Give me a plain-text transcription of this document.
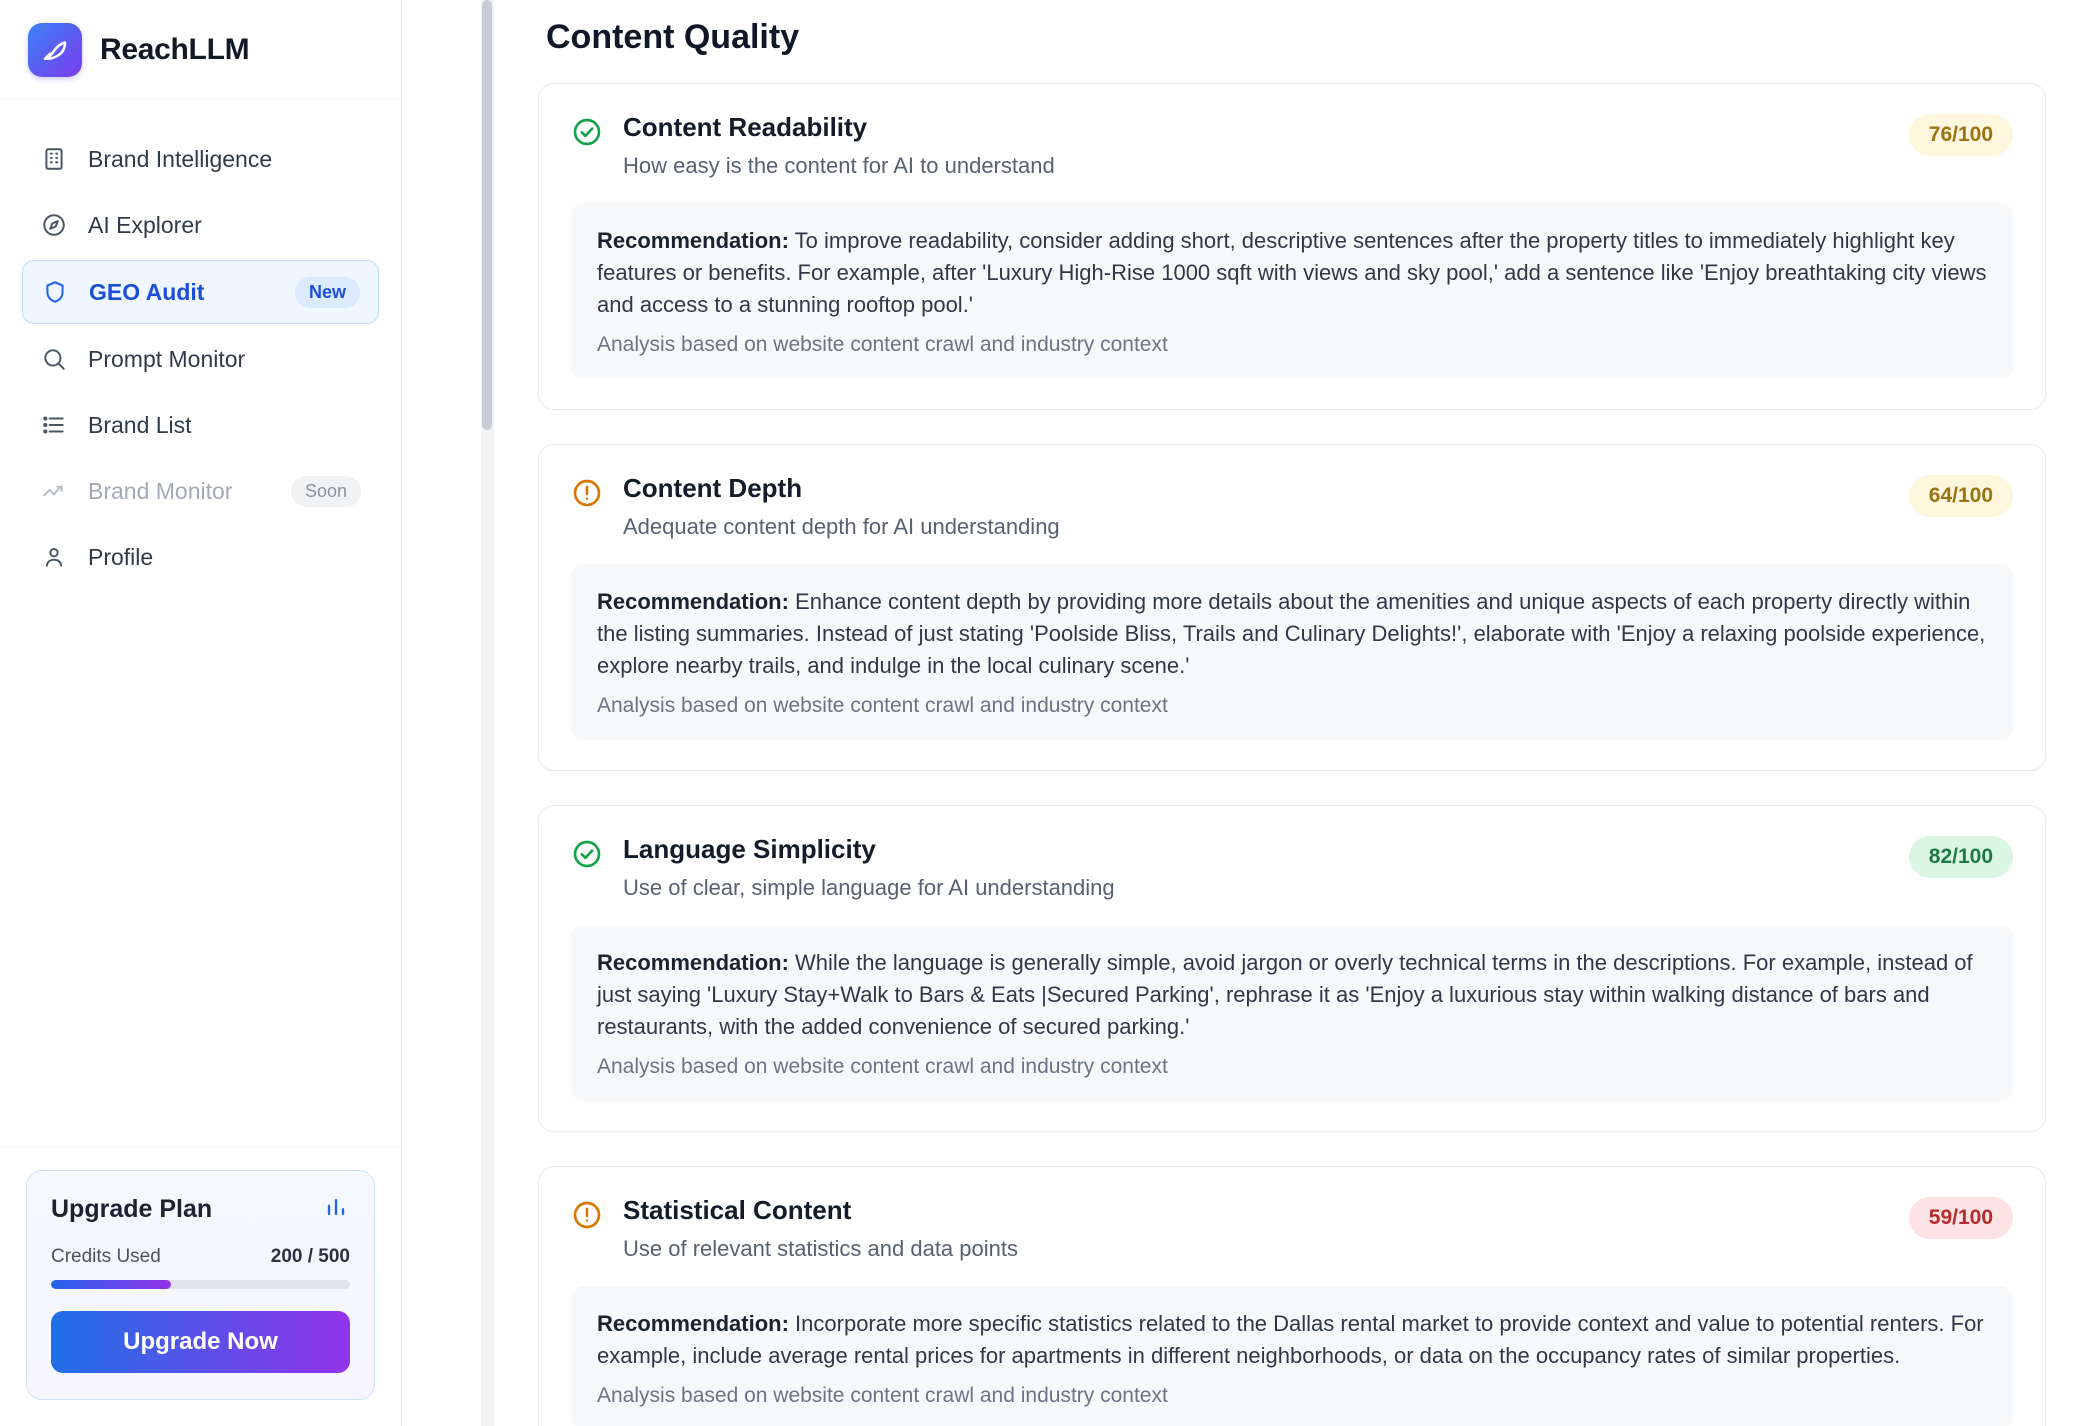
ReachLLM
Brand Intelligence
AI Explorer
GEO Audit	New
Prompt Monitor
Brand List
Brand Monitor	Soon
Profile
Upgrade Plan
Credits Used	200 / 500
Upgrade Now
Content Quality
Content Readability
How easy is the content for AI to understand
76/100
Recommendation: To improve readability, consider adding short, descriptive sentences after the property titles to immediately highlight key features or benefits. For example, after 'Luxury High-Rise 1000 sqft with views and sky pool,' add a sentence like 'Enjoy breathtaking city views and access to a stunning rooftop pool.'
Analysis based on website content crawl and industry context
Content Depth
Adequate content depth for AI understanding
64/100
Recommendation: Enhance content depth by providing more details about the amenities and unique aspects of each property directly within the listing summaries. Instead of just stating 'Poolside Bliss, Trails and Culinary Delights!', elaborate with 'Enjoy a relaxing poolside experience, explore nearby trails, and indulge in the local culinary scene.'
Analysis based on website content crawl and industry context
Language Simplicity
Use of clear, simple language for AI understanding
82/100
Recommendation: While the language is generally simple, avoid jargon or overly technical terms in the descriptions. For example, instead of just saying 'Luxury Stay+Walk to Bars & Eats |Secured Parking', rephrase it as 'Enjoy a luxurious stay within walking distance of bars and restaurants, with the added convenience of secured parking.'
Analysis based on website content crawl and industry context
Statistical Content
Use of relevant statistics and data points
59/100
Recommendation: Incorporate more specific statistics related to the Dallas rental market to provide context and value to potential renters. For example, include average rental prices for apartments in different neighborhoods, or data on the occupancy rates of similar properties.
Analysis based on website content crawl and industry context
